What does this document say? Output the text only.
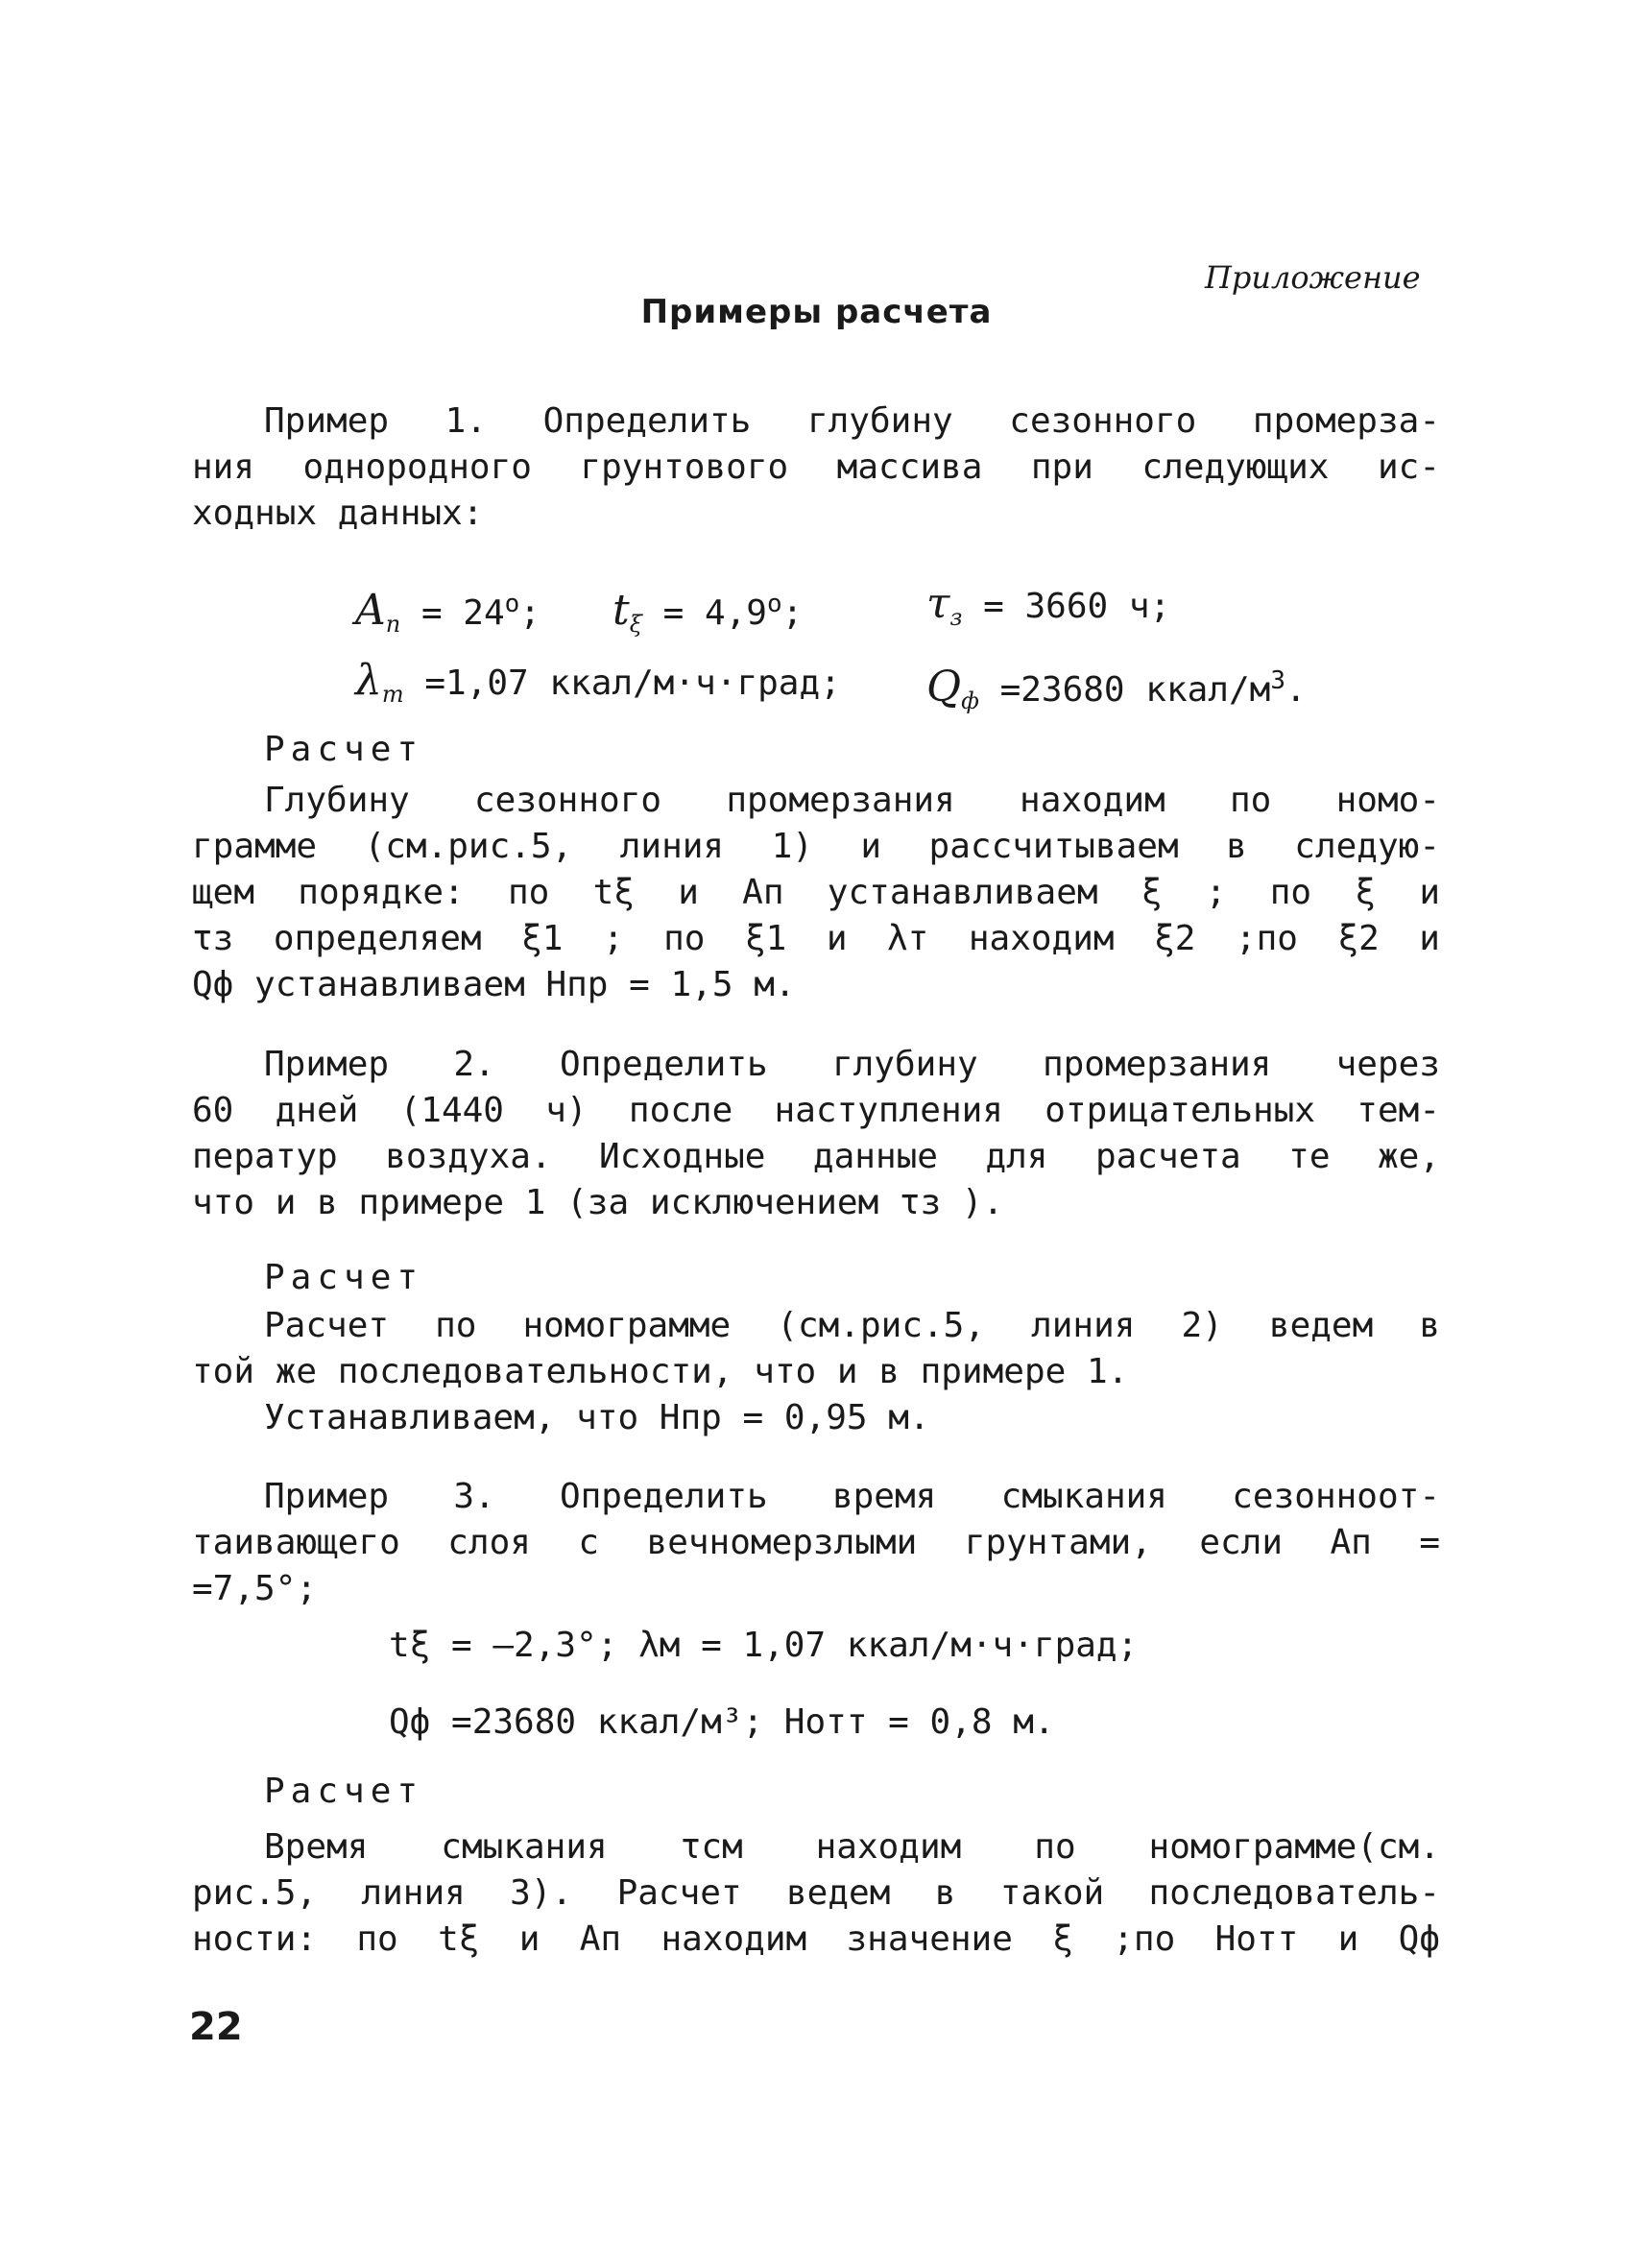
Приложение
Примеры расчета
Пример 1. Определить глубину сезонного промерза-
ния однородного грунтового массива при следующих ис-
ходных данных:
$A_п = 24^о$; $t_\xi = 4,9^о$;	$\tau_з = 3660$ ч;
$\lambda_т =1,07$ ккал/м·ч·град; $Q_ф =23680$ ккал/$м^3$.
Расчет
Глубину сезонного промерзания находим по номо-
грамме (см.рис.5, линия 1) и рассчитываем в следую-
щем порядке: по tξ и Aп устанавливаем ξ ; по ξ и
τз определяем ξ1 ; по ξ1 и λт находим ξ2 ;по ξ2 и
Qф устанавливаем Нпр = 1,5 м.
Пример 2. Определить глубину промерзания через
60 дней (1440 ч) после наступления отрицательных тем-
ператур воздуха. Исходные данные для расчета те же,
что и в примере 1 (за исключением τз ).
Расчет
Расчет по номограмме (см.рис.5, линия 2) ведем в
той же последовательности, что и в примере 1.
Устанавливаем, что Нпр = 0,95 м.
Пример 3. Определить время смыкания сезонноот-
таивающего слоя с вечномерзлыми грунтами, если Aп =
=7,5°;
tξ = –2,3°; λм = 1,07 ккал/м·ч·град;
Qф =23680 ккал/м³; Нотт = 0,8 м.
Расчет
Время смыкания τсм находим по номограмме(см.
рис.5, линия 3). Расчет ведем в такой последователь-
ности: по tξ и Aп находим значение ξ ;по Нотт и Qф
22
